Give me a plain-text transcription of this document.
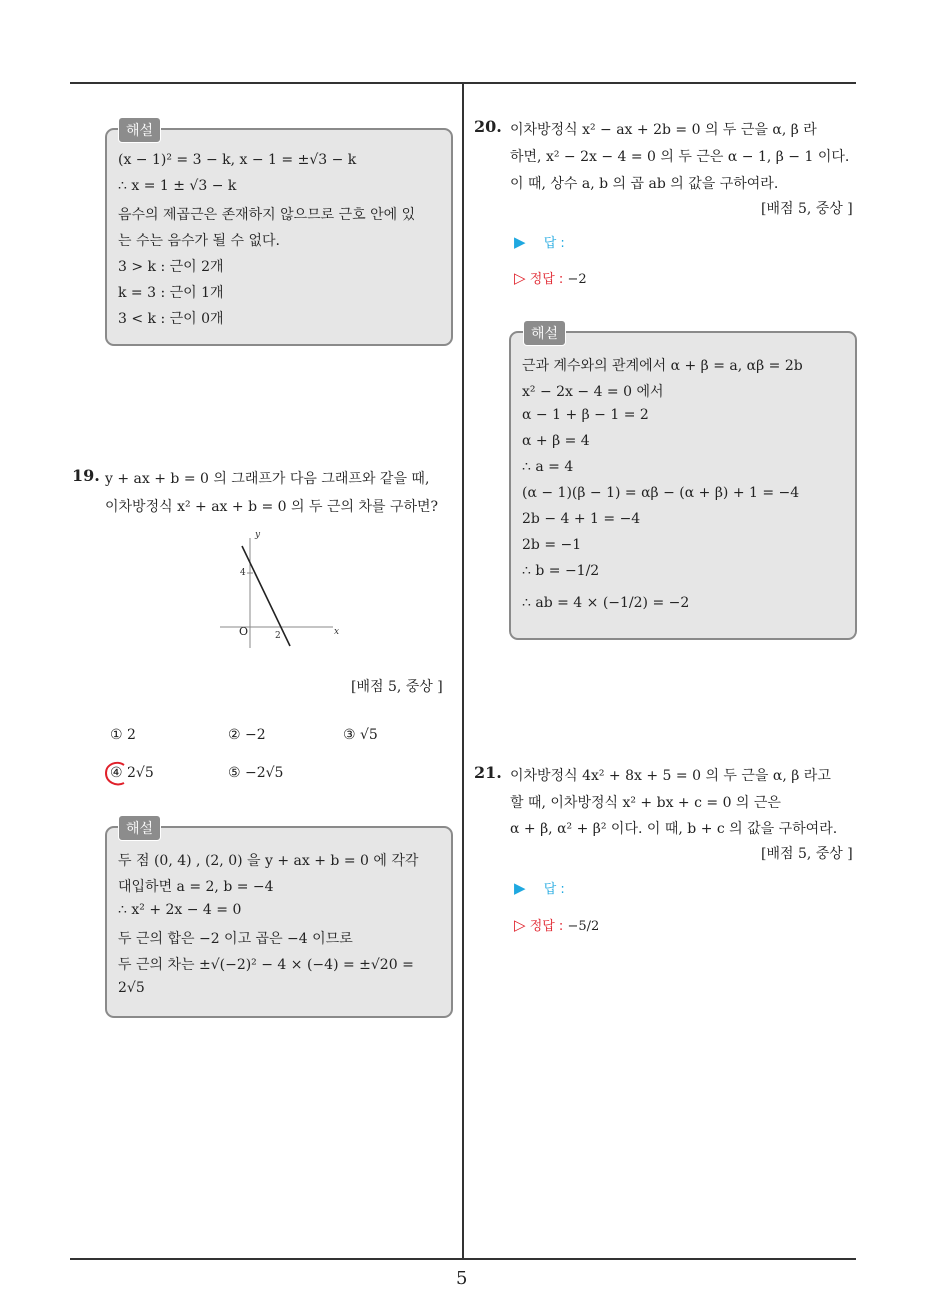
해설
(x − 1)² = 3 − k, x − 1 = ±√3 − k
∴ x = 1 ± √3 − k
음수의 제곱근은 존재하지 않으므로 근호 안에 있
는 수는 음수가 될 수 없다.
3 > k : 근이 2개
k = 3 : 근이 1개
3 < k : 근이 0개
19. y + ax + b = 0 의 그래프가 다음 그래프와 같을 때,
이차방정식 x² + ax + b = 0 의 두 근의 차를 구하면?
y
x
O
4
2
[배점 5, 중상 ]
① 2	② −2	③ √5
④ 2√5	⑤ −2√5
해설
두 점 (0, 4) , (2, 0) 을 y + ax + b = 0 에 각각
대입하면 a = 2, b = −4
∴ x² + 2x − 4 = 0
두 근의 합은 −2 이고 곱은 −4 이므로
두 근의 차는 ±√(−2)² − 4 × (−4) = ±√20 =
2√5
20. 이차방정식 x² − ax + 2b = 0 의 두 근을 α, β 라
하면, x² − 2x − 4 = 0 의 두 근은 α − 1, β − 1 이다.
이 때, 상수 a, b 의 곱 ab 의 값을 구하여라.
[배점 5, 중상 ]
▶ 답 :
▷ 정답 : −2
해설
근과 계수와의 관계에서 α + β = a, αβ = 2b
x² − 2x − 4 = 0 에서
α − 1 + β − 1 = 2
α + β = 4
∴ a = 4
(α − 1)(β − 1) = αβ − (α + β) + 1 = −4
2b − 4 + 1 = −4
2b = −1
∴ b = −1/2
∴ ab = 4 × (−1/2) = −2
21. 이차방정식 4x² + 8x + 5 = 0 의 두 근을 α, β 라고
할 때, 이차방정식 x² + bx + c = 0 의 근은
α + β, α² + β² 이다. 이 때, b + c 의 값을 구하여라.
[배점 5, 중상 ]
▶ 답 :
▷ 정답 : −5/2
5
